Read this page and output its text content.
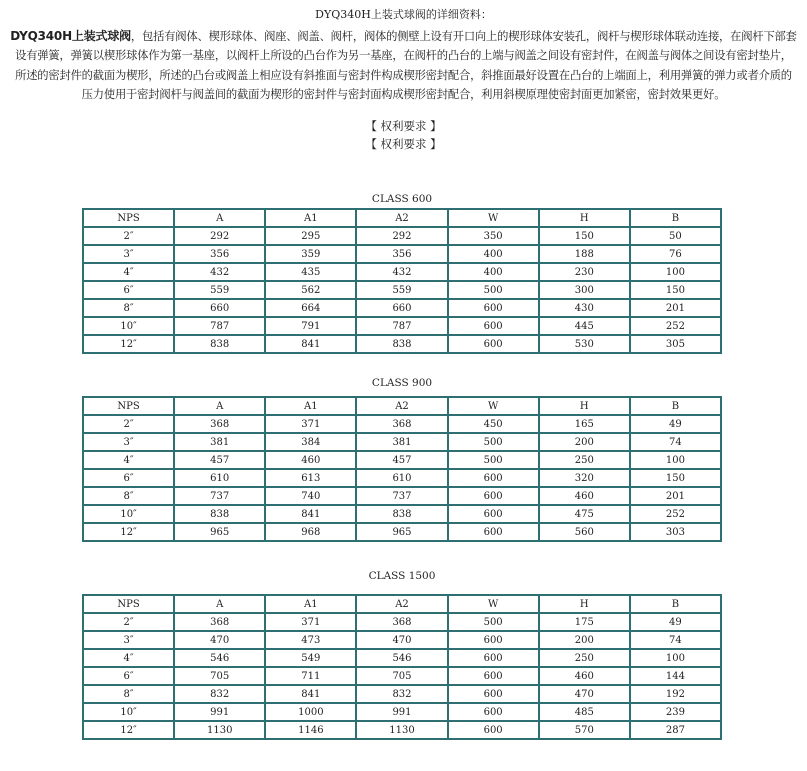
DYQ340H上装式球阀的详细资料：
DYQ340H上装式球阀，包括有阀体、楔形球体、阀座、阀盖、阀杆，阀体的侧壁上设有开口向上的楔形球体安装孔，阀杆与楔形球体联动连接，在阀杆下部套设有弹簧，弹簧以楔形球体作为第一基座，以阀杆上所设的凸台作为另一基座，在阀杆的凸台的上端与阀盖之间设有密封件，在阀盖与阀体之间设有密封垫片，所述的密封件的截面为楔形，所述的凸台或阀盖上相应设有斜推面与密封件构成楔形密封配合，斜推面最好设置在凸台的上端面上，利用弹簧的弹力或者介质的压力使用于密封阀杆与阀盖间的截面为楔形的密封件与密封面构成楔形密封配合，利用斜楔原理使密封面更加紧密，密封效果更好。
【 权利要求 】
【 权利要求 】
CLASS 600
NPS	A	A1	A2	W	H	B
2″	292	295	292	350	150	50
3″	356	359	356	400	188	76
4″	432	435	432	400	230	100
6″	559	562	559	500	300	150
8″	660	664	660	600	430	201
10″	787	791	787	600	445	252
12″	838	841	838	600	530	305
CLASS 900
NPS	A	A1	A2	W	H	B
2″	368	371	368	450	165	49
3″	381	384	381	500	200	74
4″	457	460	457	500	250	100
6″	610	613	610	600	320	150
8″	737	740	737	600	460	201
10″	838	841	838	600	475	252
12″	965	968	965	600	560	303
CLASS 1500
NPS	A	A1	A2	W	H	B
2″	368	371	368	500	175	49
3″	470	473	470	600	200	74
4″	546	549	546	600	250	100
6″	705	711	705	600	460	144
8″	832	841	832	600	470	192
10″	991	1000	991	600	485	239
12″	1130	1146	1130	600	570	287
